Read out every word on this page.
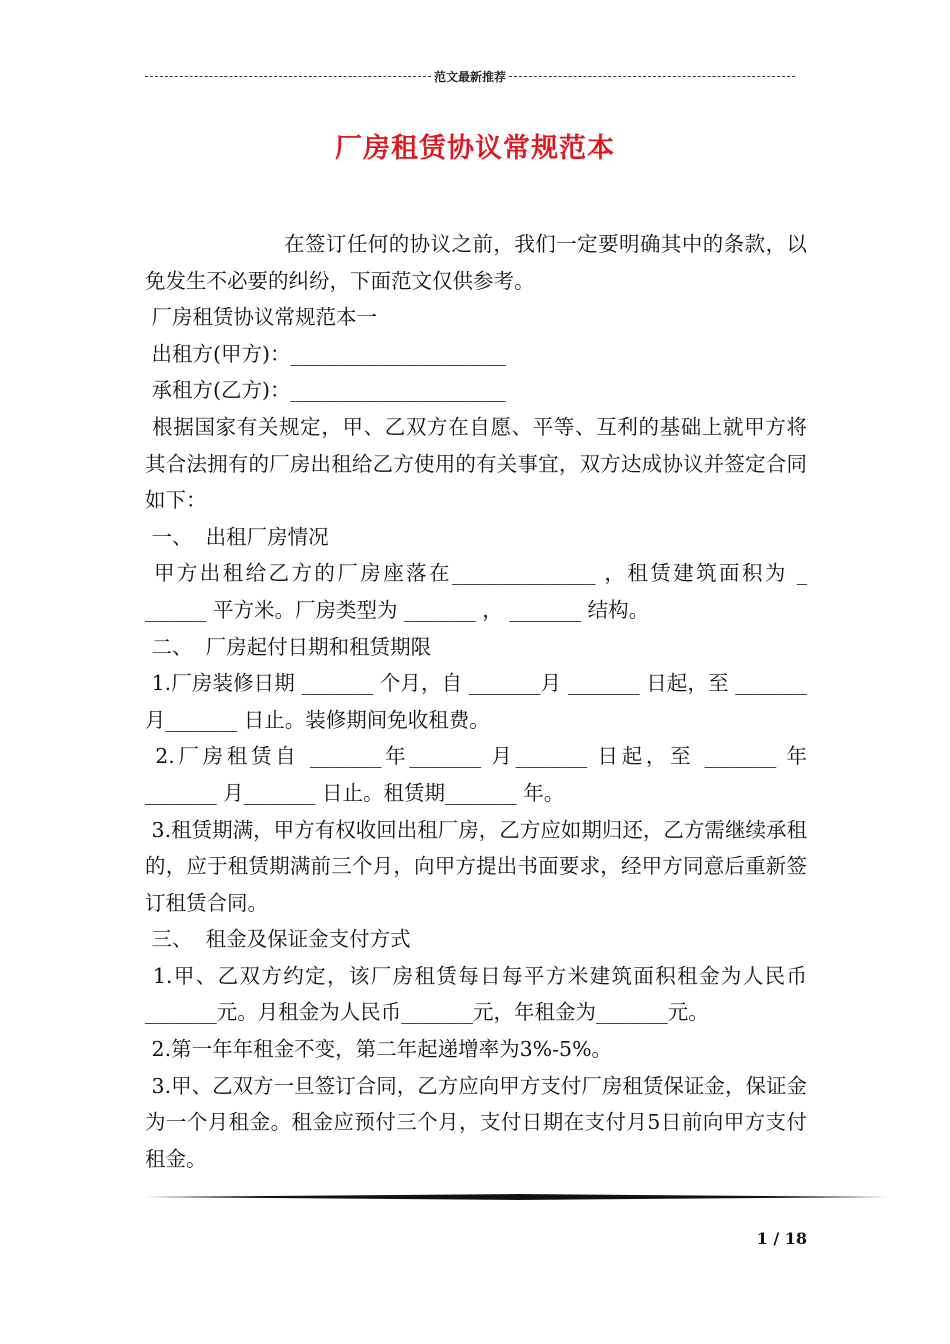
范文最新推荐
厂房租赁协议常规范本

在签订任何的协议之前，我们一定要明确其中的条款，以免发生不必要的纠纷，下面范文仅供参考。

厂房租赁协议常规范本一

出租方(甲方)：_____________________

承租方(乙方)：_____________________

根据国家有关规定，甲、乙双方在自愿、平等、互利的基础上就甲方将其合法拥有的厂房出租给乙方使用的有关事宜，双方达成协议并签定合同如下：

一、  出租厂房情况

甲方出租给乙方的厂房座落在______________ ，租赁建筑面积为 _ ______ 平方米。厂房类型为 _______ ， _______ 结构。

二、  厂房起付日期和租赁期限

1.厂房装修日期 _______ 个月，自 _______月 _______ 日起，至 _______ 月_______ 日止。装修期间免收租费。

2.厂房租赁自 _______年_______ 月_______ 日起，至 _______ 年 _______ 月_______ 日止。租赁期_______ 年。

3.租赁期满，甲方有权收回出租厂房，乙方应如期归还，乙方需继续承租的，应于租赁期满前三个月，向甲方提出书面要求，经甲方同意后重新签订租赁合同。

三、  租金及保证金支付方式

1.甲、乙双方约定，该厂房租赁每日每平方米建筑面积租金为人民币 _______元。月租金为人民币_______元，年租金为_______元。

2.第一年年租金不变，第二年起递增率为3%-5%。

3.甲、乙双方一旦签订合同，乙方应向甲方支付厂房租赁保证金，保证金为一个月租金。租金应预付三个月，支付日期在支付月5日前向甲方支付租金。

1 / 18
